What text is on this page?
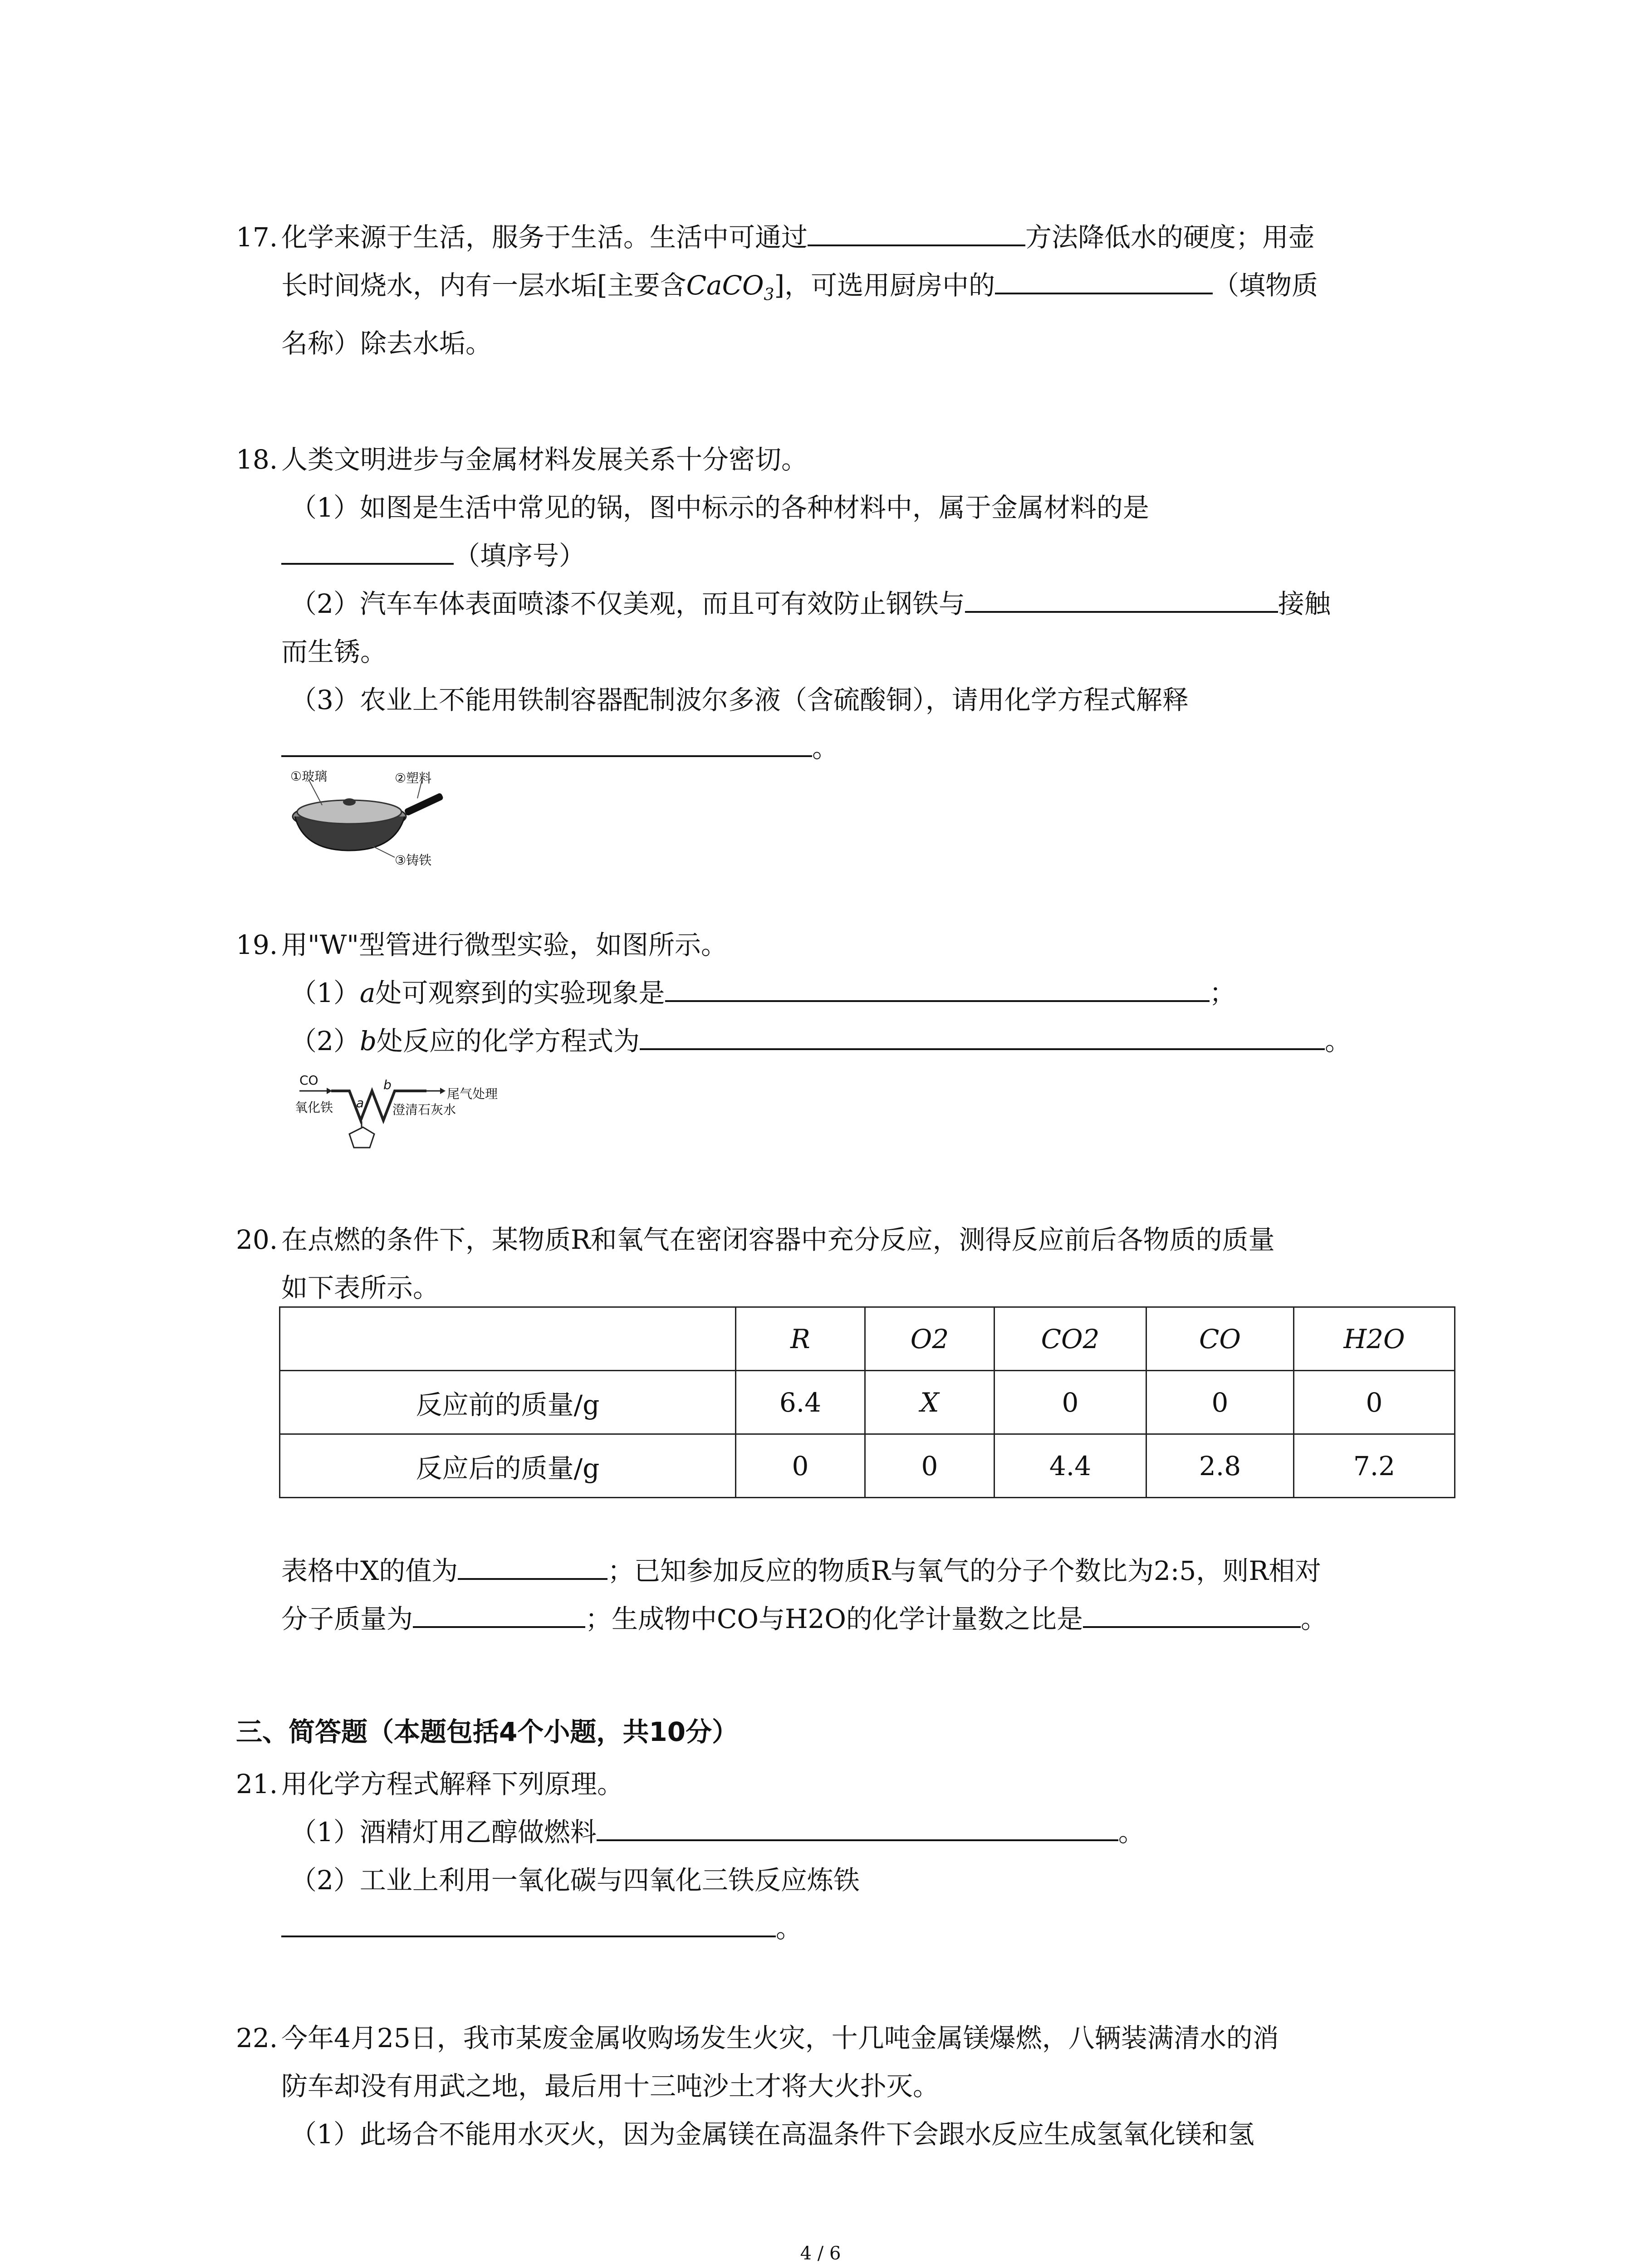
17. 化学来源于生活，服务于生活。生活中可通过	方法降低水的硬度；用壶
长时间烧水，内有一层水垢[主要含CaCO$_3$]，可选用厨房中的	（填物质
名称）除去水垢。
18. 人类文明进步与金属材料发展关系十分密切。
（1）如图是生活中常见的锅，图中标示的各种材料中，属于金属材料的是
（填序号）
（2）汽车车体表面喷漆不仅美观，而且可有效防止钢铁与	接触
而生锈。
（3）农业上不能用铁制容器配制波尔多液（含硫酸铜），请用化学方程式解释
。
①玻璃	②塑料
③铸铁
19. 用"W"型管进行微型实验，如图所示。
（1）a处可观察到的实验现象是	；
（2）b处反应的化学方程式为	。
CO
氧化铁 a
b
尾气处理
澄清石灰水
20. 在点燃的条件下，某物质R和氧气在密闭容器中充分反应，测得反应前后各物质的质量
如下表所示。
	R	O2	CO2	CO	H2O
反应前的质量/g	6.4	X	0	0	0
反应后的质量/g	0	0	4.4	2.8	7.2
表格中X的值为	；已知参加反应的物质R与氧气的分子个数比为2:5，则R相对
分子质量为	；生成物中CO与H2O的化学计量数之比是	。
三、简答题（本题包括4个小题，共10分）
21. 用化学方程式解释下列原理。
（1）酒精灯用乙醇做燃料	。
（2）工业上利用一氧化碳与四氧化三铁反应炼铁
。
22. 今年4月25日，我市某废金属收购场发生火灾，十几吨金属镁爆燃，八辆装满清水的消
防车却没有用武之地，最后用十三吨沙土才将大火扑灭。
（1）此场合不能用水灭火，因为金属镁在高温条件下会跟水反应生成氢氧化镁和氢
4 / 6
